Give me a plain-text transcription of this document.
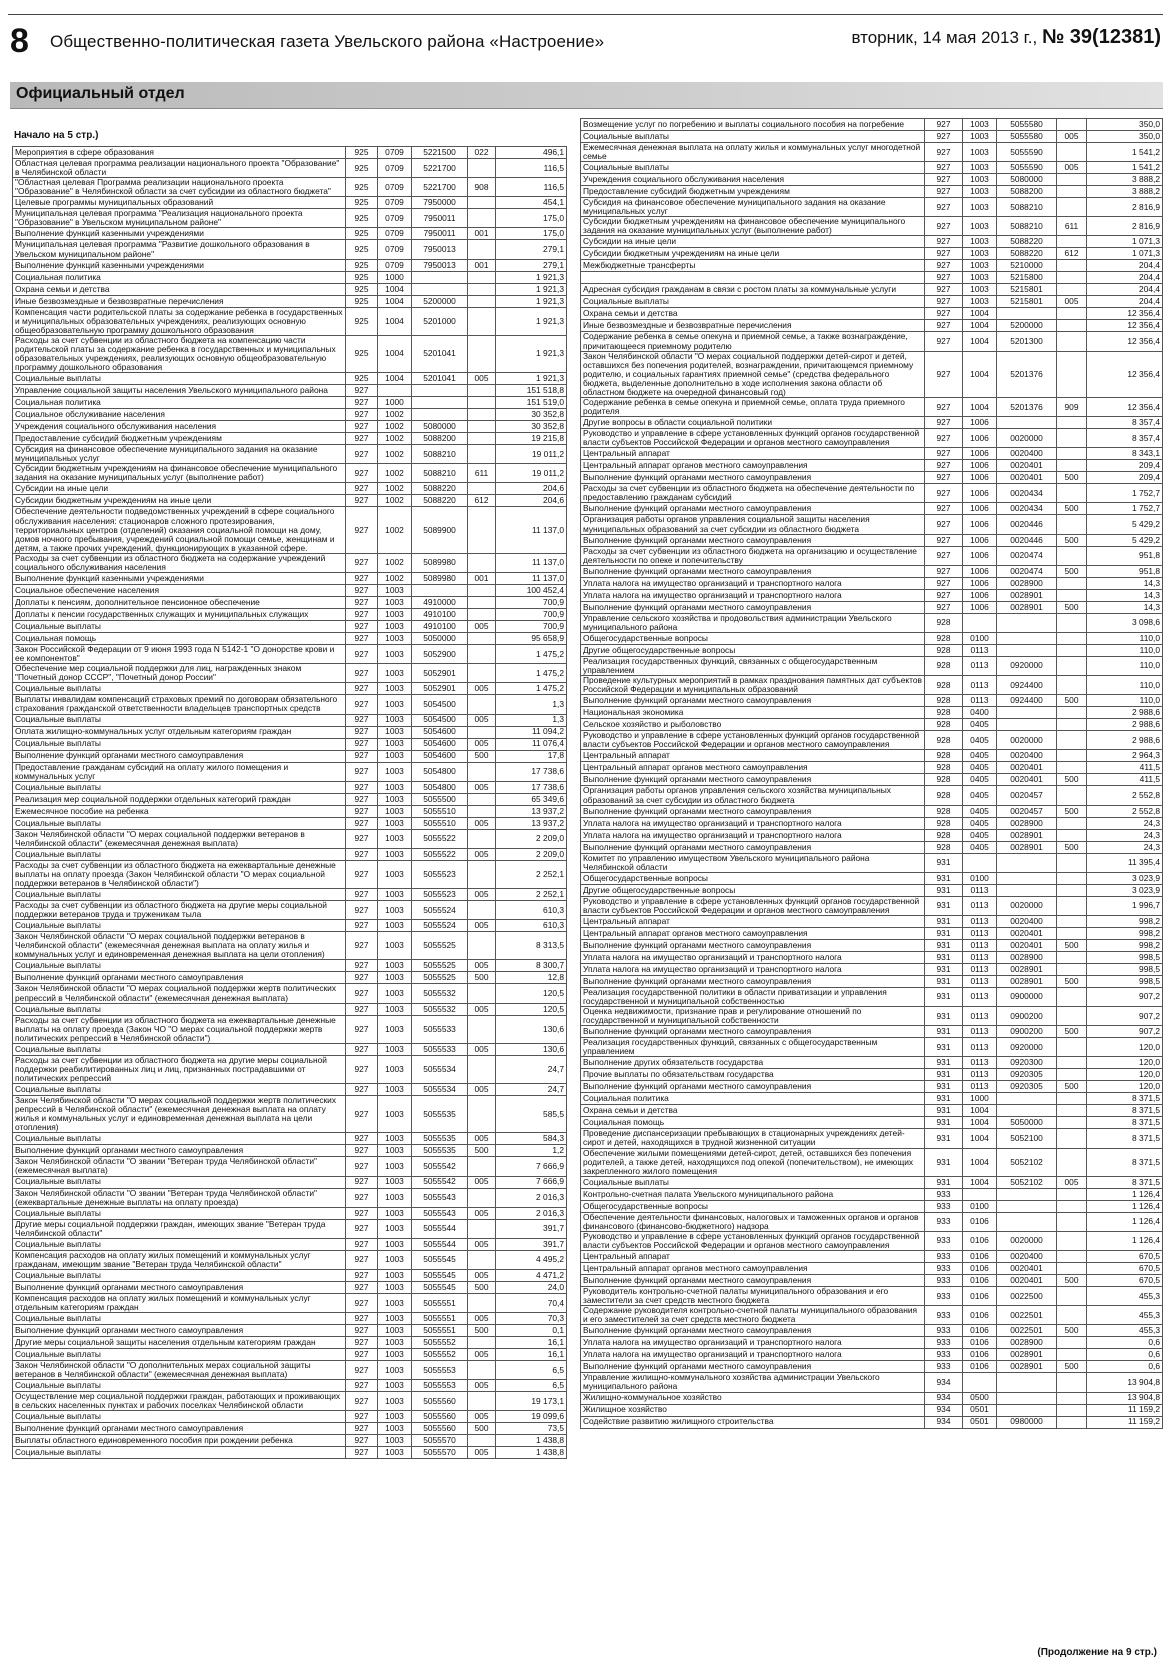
8 Общественно-политическая газета Увельского района «Настроение»	вторник, 14 мая 2013 г., № 39(12381)
Официальный отдел
Начало на 5 стр.)
Мероприятия в сфере образования	925	0709	5221500	022	496,1
Областная целевая программа реализации национального проекта "Образование" в Челябинской области	925	0709	5221700		116,5
"Областная целевая Программа реализации национального проекта "Образование" в Челябинской области за счет субсидии из областного бюджета"	925	0709	5221700	908	116,5
Целевые программы муниципальных образований	925	0709	7950000		454,1
Муниципальная целевая программа "Реализация национального проекта "Образование" в Увельском муниципальном районе"	925	0709	7950011		175,0
Выполнение функций казенными учреждениями	925	0709	7950011	001	175,0
Муниципальная целевая программа "Развитие дошкольного образования в Увельском муниципальном районе"	925	0709	7950013		279,1
Выполнение функций казенными учреждениями	925	0709	7950013	001	279,1
Социальная политика	925	1000			1 921,3
Охрана семьи и детства	925	1004			1 921,3
Иные безвозмездные и безвозвратные перечисления	925	1004	5200000		1 921,3
Компенсация части родительской платы за содержание ребенка в государственных и муниципальных образовательных учреждениях, реализующих основную общеобразовательную программу дошкольного образования	925	1004	5201000		1 921,3
Расходы за счет субвенции из областного бюджета на компенсацию части родительской платы за содержание ребенка в государственных и муниципальных образовательных учреждениях, реализующих основную общеобразовательную программу дошкольного образования	925	1004	5201041		1 921,3
Социальные выплаты	925	1004	5201041	005	1 921,3
Управление социальной защиты населения Увельского муниципального района	927				151 518,8
Социальная политика	927	1000			151 519,0
Социальное обслуживание населения	927	1002			30 352,8
Учреждения социального обслуживания населения	927	1002	5080000		30 352,8
Предоставление субсидий бюджетным учреждениям	927	1002	5088200		19 215,8
Субсидия на финансовое обеспечение муниципального задания на оказание муниципальных услуг	927	1002	5088210		19 011,2
Субсидии бюджетным учреждениям на финансовое обеспечение муниципального задания на оказание муниципальных услуг (выполнение работ)	927	1002	5088210	611	19 011,2
Субсидии на иные цели	927	1002	5088220		204,6
Субсидии бюджетным учреждениям на иные цели	927	1002	5088220	612	204,6
Обеспечение деятельности подведомственных учреждений в сфере социального обслуживания населения: стационаров сложного протезирования, территориальных центров (отделений) оказания социальной помощи на дому, домов ночного пребывания, учреждений социальной помощи семье, женщинам и детям, а также прочих учреждений, функционирующих в указанной сфере.	927	1002	5089900		11 137,0
Расходы за счет субвенции из областного бюджета на содержание учреждений социального обслуживания населения	927	1002	5089980		11 137,0
Выполнение функций казенными учреждениями	927	1002	5089980	001	11 137,0
Социальное обеспечение населения	927	1003			100 452,4
Доплаты к пенсиям, дополнительное пенсионное обеспечение	927	1003	4910000		700,9
Доплаты к пенсии государственных служащих и муниципальных служащих	927	1003	4910100		700,9
Социальные выплаты	927	1003	4910100	005	700,9
Социальная помощь	927	1003	5050000		95 658,9
Закон Российской Федерации от 9 июня 1993 года N 5142-1 "О донорстве крови и ее компонентов"	927	1003	5052900		1 475,2
Обеспечение мер социальной поддержки для лиц, награжденных знаком "Почетный донор СССР", "Почетный донор России"	927	1003	5052901		1 475,2
Социальные выплаты	927	1003	5052901	005	1 475,2
Выплаты инвалидам компенсаций страховых премий по договорам обязательного страхования гражданской ответственности владельцев транспортных средств	927	1003	5054500		1,3
Социальные выплаты	927	1003	5054500	005	1,3
Оплата жилищно-коммунальных услуг отдельным категориям граждан	927	1003	5054600		11 094,2
Социальные выплаты	927	1003	5054600	005	11 076,4
Выполнение функций органами местного самоуправления	927	1003	5054600	500	17,8
Предоставление гражданам субсидий на оплату жилого помещения и коммунальных услуг	927	1003	5054800		17 738,6
Социальные выплаты	927	1003	5054800	005	17 738,6
Реализация мер социальной поддержки отдельных категорий граждан	927	1003	5055500		65 349,6
Ежемесячное пособие на ребенка	927	1003	5055510		13 937,2
Социальные выплаты	927	1003	5055510	005	13 937,2
Закон Челябинской области "О мерах социальной поддержки ветеранов в Челябинской области" (ежемесячная денежная выплата)	927	1003	5055522		2 209,0
Социальные выплаты	927	1003	5055522	005	2 209,0
Расходы за счет субвенции из областного бюджета на ежеквартальные денежные выплаты на оплату проезда (Закон Челябинской области "О мерах социальной поддержки ветеранов в Челябинской области")	927	1003	5055523		2 252,1
Социальные выплаты	927	1003	5055523	005	2 252,1
Расходы за счет субвенции из областного бюджета на другие меры социальной поддержки ветеранов труда и труженикам тыла	927	1003	5055524		610,3
Социальные выплаты	927	1003	5055524	005	610,3
Закон Челябинской области "О мерах социальной поддержки ветеранов в Челябинской области" (ежемесячная денежная выплата на оплату жилья и коммунальных услуг и единовременная денежная выплата на цели отопления)	927	1003	5055525		8 313,5
Социальные выплаты	927	1003	5055525	005	8 300,7
Выполнение функций органами местного самоуправления	927	1003	5055525	500	12,8
Закон Челябинской области "О мерах социальной поддержки жертв политических репрессий в Челябинской области" (ежемесячная денежная выплата)	927	1003	5055532		120,5
Социальные выплаты	927	1003	5055532	005	120,5
Расходы за счет субвенции из областного бюджета на ежеквартальные денежные выплаты на оплату проезда (Закон ЧО "О мерах социальной поддержки жертв политических репрессий в Челябинской области")	927	1003	5055533		130,6
Социальные выплаты	927	1003	5055533	005	130,6
Расходы за счет субвенции из областного бюджета на другие меры социальной поддержки реабилитированных лиц и лиц, признанных пострадавшими от политических репрессий	927	1003	5055534		24,7
Социальные выплаты	927	1003	5055534	005	24,7
Закон Челябинской области "О мерах социальной поддержки жертв политических репрессий в Челябинской области" (ежемесячная денежная выплата на оплату жилья и коммунальных услуг и единовременная денежная выплата на цели отопления)	927	1003	5055535		585,5
Социальные выплаты	927	1003	5055535	005	584,3
Выполнение функций органами местного самоуправления	927	1003	5055535	500	1,2
Закон Челябинской области "О звании "Ветеран труда Челябинской области" (ежемесячная выплата)	927	1003	5055542		7 666,9
Социальные выплаты	927	1003	5055542	005	7 666,9
Закон Челябинской области "О звании "Ветеран труда Челябинской области" (ежеквартальные денежные выплаты на оплату проезда)	927	1003	5055543		2 016,3
Социальные выплаты	927	1003	5055543	005	2 016,3
Другие меры социальной поддержки граждан, имеющих звание "Ветеран труда Челябинской области"	927	1003	5055544		391,7
Социальные выплаты	927	1003	5055544	005	391,7
Компенсация расходов на оплату жилых помещений и коммунальных услуг гражданам, имеющим звание "Ветеран труда Челябинской области"	927	1003	5055545		4 495,2
Социальные выплаты	927	1003	5055545	005	4 471,2
Выполнение функций органами местного самоуправления	927	1003	5055545	500	24,0
Компенсация расходов на оплату жилых помещений и коммунальных услуг отдельным категориям граждан	927	1003	5055551		70,4
Социальные выплаты	927	1003	5055551	005	70,3
Выполнение функций органами местного самоуправления	927	1003	5055551	500	0,1
Другие меры социальной защиты населения отдельным категориям граждан	927	1003	5055552		16,1
Социальные выплаты	927	1003	5055552	005	16,1
Закон Челябинской области "О дополнительных мерах социальной защиты ветеранов в Челябинской области" (ежемесячная денежная выплата)	927	1003	5055553		6,5
Социальные выплаты	927	1003	5055553	005	6,5
Осуществление мер социальной поддержки граждан, работающих и проживающих в сельских населенных пунктах и рабочих поселках Челябинской области	927	1003	5055560		19 173,1
Социальные выплаты	927	1003	5055560	005	19 099,6
Выполнение функций органами местного самоуправления	927	1003	5055560	500	73,5
Выплаты областного единовременного пособия при рождении ребенка	927	1003	5055570		1 438,8
Социальные выплаты	927	1003	5055570	005	1 438,8
Возмещение услуг по погребению и выплаты социального пособия на погребение	927	1003	5055580		350,0
Социальные выплаты	927	1003	5055580	005	350,0
Ежемесячная денежная выплата на оплату жилья и коммунальных услуг многодетной семье	927	1003	5055590		1 541,2
Социальные выплаты	927	1003	5055590	005	1 541,2
Учреждения социального обслуживания населения	927	1003	5080000		3 888,2
Предоставление субсидий бюджетным учреждениям	927	1003	5088200		3 888,2
Субсидия на финансовое обеспечение муниципального задания на оказание муниципальных услуг	927	1003	5088210		2 816,9
Субсидии бюджетным учреждениям на финансовое обеспечение муниципального задания на оказание муниципальных услуг (выполнение работ)	927	1003	5088210	611	2 816,9
Субсидии на иные цели	927	1003	5088220		1 071,3
Субсидии бюджетным учреждениям на иные цели	927	1003	5088220	612	1 071,3
Межбюджетные трансферты	927	1003	5210000		204,4
	927	1003	5215800		204,4
Адресная субсидия гражданам в связи с ростом платы за коммунальные услуги	927	1003	5215801		204,4
Социальные выплаты	927	1003	5215801	005	204,4
Охрана семьи и детства	927	1004			12 356,4
Иные безвозмездные и безвозвратные перечисления	927	1004	5200000		12 356,4
Содержание ребенка в семье опекуна и приемной семье, а также вознаграждение, причитающееся приемному родителю	927	1004	5201300		12 356,4
Закон Челябинской области "О мерах социальной поддержки детей-сирот и детей, оставшихся без попечения родителей, вознаграждении, причитающемся приемному родителю, и социальных гарантиях приемной семье" (средства федерального бюджета, выделенные дополнительно в ходе исполнения закона области об областном бюджете на очередной финансовый год)	927	1004	5201376		12 356,4
Содержание ребенка в семье опекуна и приемной семье, оплата труда приемного родителя	927	1004	5201376	909	12 356,4
Другие вопросы в области социальной политики	927	1006			8 357,4
Руководство и управление в сфере установленных функций органов государственной власти субъектов Российской Федерации и органов местного самоуправления	927	1006	0020000		8 357,4
Центральный аппарат	927	1006	0020400		8 343,1
Центральный аппарат органов местного самоуправления	927	1006	0020401		209,4
Выполнение функций органами местного самоуправления	927	1006	0020401	500	209,4
Расходы за счет субвенции из областного бюджета на обеспечение деятельности по предоставлению гражданам субсидий	927	1006	0020434		1 752,7
Выполнение функций органами местного самоуправления	927	1006	0020434	500	1 752,7
Организация работы органов управления социальной защиты населения муниципальных образований за счет субсидии из областного бюджета	927	1006	0020446		5 429,2
Выполнение функций органами местного самоуправления	927	1006	0020446	500	5 429,2
Расходы за счет субвенции из областного бюджета на организацию и осуществление деятельности по опеке и попечительству	927	1006	0020474		951,8
Выполнение функций органами местного самоуправления	927	1006	0020474	500	951,8
Уплата налога на имущество организаций и транспортного налога	927	1006	0028900		14,3
Уплата налога на имущество организаций и транспортного налога	927	1006	0028901		14,3
Выполнение функций органами местного самоуправления	927	1006	0028901	500	14,3
Управление сельского хозяйства и продовольствия администрации Увельского муниципального района	928				3 098,6
Общегосударственные вопросы	928	0100			110,0
Другие общегосударственные вопросы	928	0113			110,0
Реализация государственных функций, связанных с общегосударственным управлением	928	0113	0920000		110,0
Проведение культурных мероприятий в рамках празднования памятных дат субъектов Российской Федерации и муниципальных образований	928	0113	0924400		110,0
Выполнение функций органами местного самоуправления	928	0113	0924400	500	110,0
Национальная экономика	928	0400			2 988,6
Сельское хозяйство и рыболовство	928	0405			2 988,6
Руководство и управление в сфере установленных функций органов государственной власти субъектов Российской Федерации и органов местного самоуправления	928	0405	0020000		2 988,6
Центральный аппарат	928	0405	0020400		2 964,3
Центральный аппарат органов местного самоуправления	928	0405	0020401		411,5
Выполнение функций органами местного самоуправления	928	0405	0020401	500	411,5
Организация работы органов управления сельского хозяйства муниципальных образований за счет субсидии из областного бюджета	928	0405	0020457		2 552,8
Выполнение функций органами местного самоуправления	928	0405	0020457	500	2 552,8
Уплата налога на имущество организаций и транспортного налога	928	0405	0028900		24,3
Уплата налога на имущество организаций и транспортного налога	928	0405	0028901		24,3
Выполнение функций органами местного самоуправления	928	0405	0028901	500	24,3
Комитет по управлению имуществом Увельского муниципального района Челябинской области	931				11 395,4
Общегосударственные вопросы	931	0100			3 023,9
Другие общегосударственные вопросы	931	0113			3 023,9
Руководство и управление в сфере установленных функций органов государственной власти субъектов Российской Федерации и органов местного самоуправления	931	0113	0020000		1 996,7
Центральный аппарат	931	0113	0020400		998,2
Центральный аппарат органов местного самоуправления	931	0113	0020401		998,2
Выполнение функций органами местного самоуправления	931	0113	0020401	500	998,2
Уплата налога на имущество организаций и транспортного налога	931	0113	0028900		998,5
Уплата налога на имущество организаций и транспортного налога	931	0113	0028901		998,5
Выполнение функций органами местного самоуправления	931	0113	0028901	500	998,5
Реализация государственной политики в области приватизации и управления государственной и муниципальной собственностью	931	0113	0900000		907,2
Оценка недвижимости, признание прав и регулирование отношений по государственной и муниципальной собственности	931	0113	0900200		907,2
Выполнение функций органами местного самоуправления	931	0113	0900200	500	907,2
Реализация государственных функций, связанных с общегосударственным управлением	931	0113	0920000		120,0
Выполнение других обязательств государства	931	0113	0920300		120,0
Прочие выплаты по обязательствам государства	931	0113	0920305		120,0
Выполнение функций органами местного самоуправления	931	0113	0920305	500	120,0
Социальная политика	931	1000			8 371,5
Охрана семьи и детства	931	1004			8 371,5
Социальная помощь	931	1004	5050000		8 371,5
Проведение диспансеризации пребывающих в стационарных учреждениях детей-сирот и детей, находящихся в трудной жизненной ситуации	931	1004	5052100		8 371,5
Обеспечение жилыми помещениями детей-сирот, детей, оставшихся без попечения родителей, а также детей, находящихся под опекой (попечительством), не имеющих закрепленного жилого помещения	931	1004	5052102		8 371,5
Социальные выплаты	931	1004	5052102	005	8 371,5
Контрольно-счетная палата Увельского муниципального района	933				1 126,4
Общегосударственные вопросы	933	0100			1 126,4
Обеспечение деятельности финансовых, налоговых и таможенных органов и органов финансового (финансово-бюджетного) надзора	933	0106			1 126,4
Руководство и управление в сфере установленных функций органов государственной власти субъектов Российской Федерации и органов местного самоуправления	933	0106	0020000		1 126,4
Центральный аппарат	933	0106	0020400		670,5
Центральный аппарат органов местного самоуправления	933	0106	0020401		670,5
Выполнение функций органами местного самоуправления	933	0106	0020401	500	670,5
Руководитель контрольно-счетной палаты муниципального образования и его заместители за счет средств местного бюджета	933	0106	0022500		455,3
Содержание руководителя контрольно-счетной палаты муниципального образования и его заместителей за счет средств местного бюджета	933	0106	0022501		455,3
Выполнение функций органами местного самоуправления	933	0106	0022501	500	455,3
Уплата налога на имущество организаций и транспортного налога	933	0106	0028900		0,6
Уплата налога на имущество организаций и транспортного налога	933	0106	0028901		0,6
Выполнение функций органами местного самоуправления	933	0106	0028901	500	0,6
Управление жилищно-коммунального хозяйства администрации Увельского муниципального района	934				13 904,8
Жилищно-коммунальное хозяйство	934	0500			13 904,8
Жилищное хозяйство	934	0501			11 159,2
Содействие развитию жилищного строительства	934	0501	0980000		11 159,2
(Продолжение на 9 стр.)
